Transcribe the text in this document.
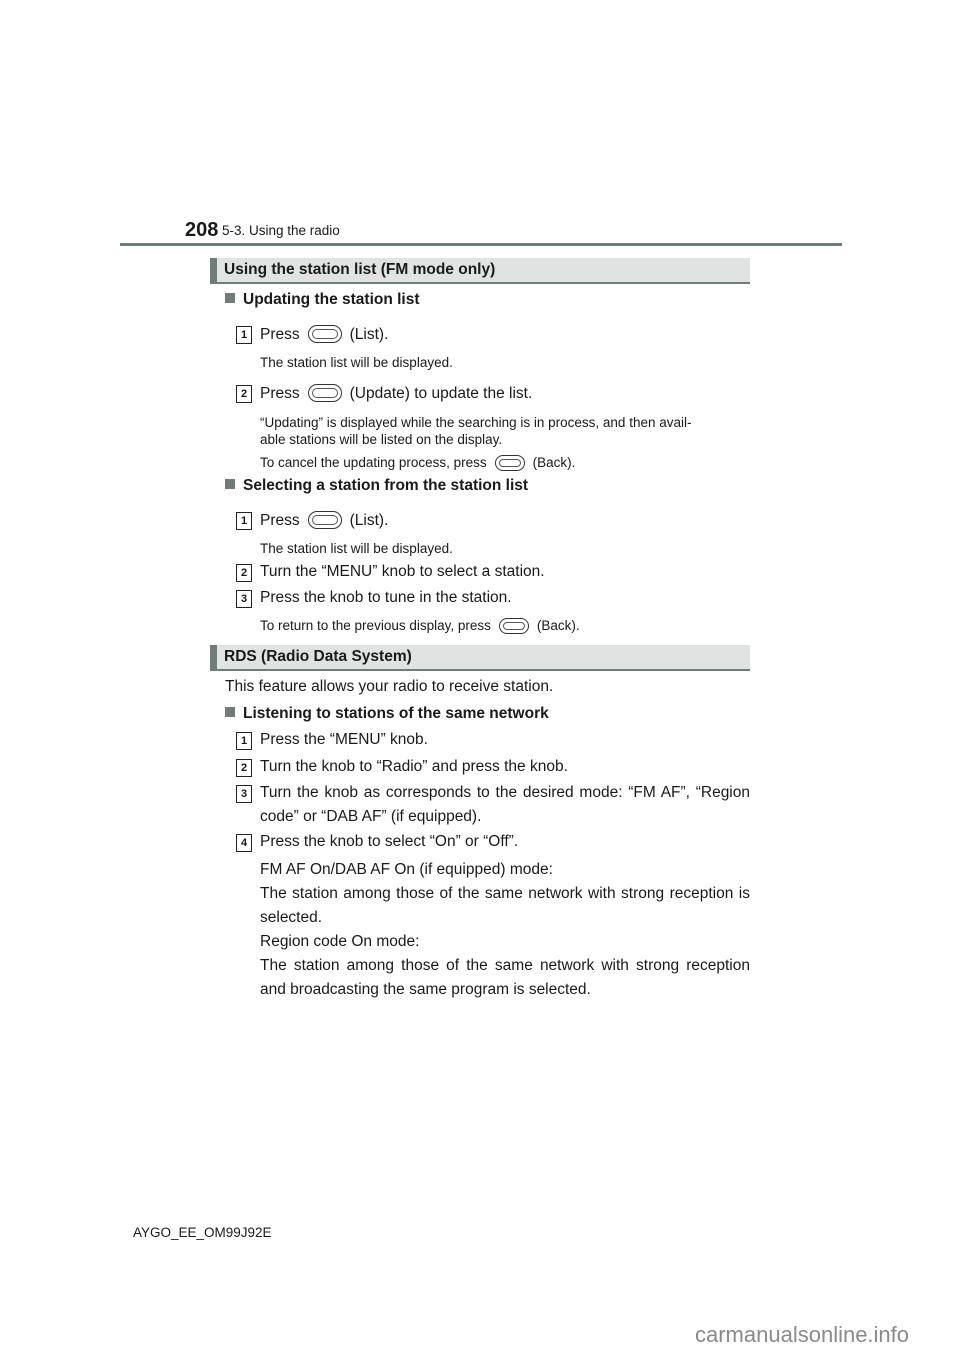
208 5-3. Using the radio
Using the station list (FM mode only)
Updating the station list
1 Press	(List).
The station list will be displayed.
2 Press	(Update) to update the list.
“Updating” is displayed while the searching is in process, and then avail-
able stations will be listed on the display.
To cancel the updating process, press	(Back).
Selecting a station from the station list
1 Press	(List).
The station list will be displayed.
2 Turn the “MENU” knob to select a station.
3 Press the knob to tune in the station.
To return to the previous display, press	(Back).
RDS (Radio Data System)
This feature allows your radio to receive station.
Listening to stations of the same network
1 Press the “MENU” knob.
2 Turn the knob to “Radio” and press the knob.
3 Turn the knob as corresponds to the desired mode: “FM AF”, “Region code” or “DAB AF” (if equipped).
4 Press the knob to select “On” or “Off”.
FM AF On/DAB AF On (if equipped) mode:
The station among those of the same network with strong reception is selected.
Region code On mode:
The station among those of the same network with strong reception and broadcasting the same program is selected.
AYGO_EE_OM99J92E
carmanualsonline.info
